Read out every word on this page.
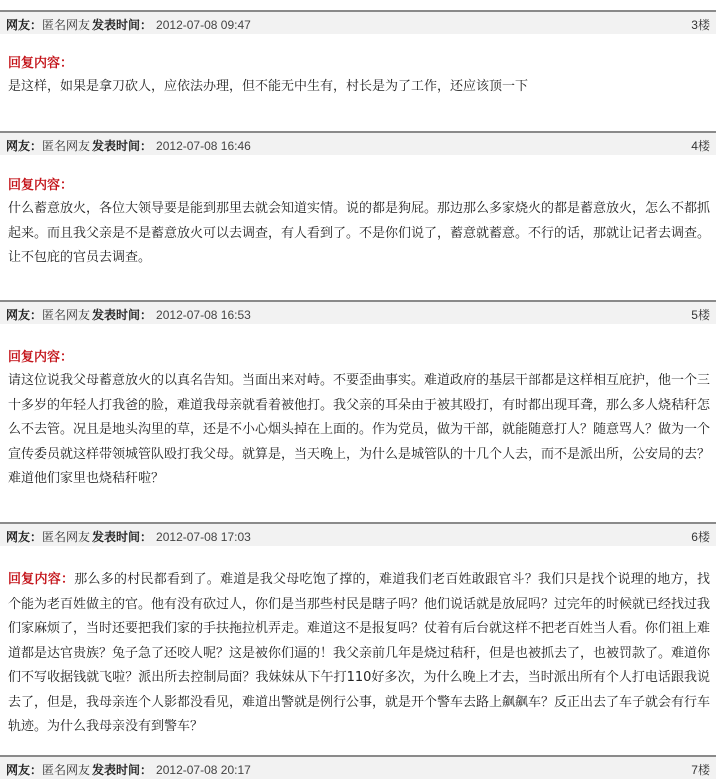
网友：匿名网友 发表时间： 2012-07-08 09:47	3楼
回复内容：
是这样，如果是拿刀砍人，应依法办理，但不能无中生有，村长是为了工作，还应该顶一下
网友：匿名网友 发表时间： 2012-07-08 16:46	4楼
回复内容：
什么蓄意放火，各位大领导要是能到那里去就会知道实情。说的都是狗屁。那边那么多家烧火的都是蓄意放火，怎么不都抓起来。而且我父亲是不是蓄意放火可以去调查，有人看到了。不是你们说了，蓄意就蓄意。不行的话，那就让记者去调查。让不包庇的官员去调查。
网友：匿名网友 发表时间： 2012-07-08 16:53	5楼
回复内容：
请这位说我父母蓄意放火的以真名告知。当面出来对峙。不要歪曲事实。难道政府的基层干部都是这样相互庇护，他一个三十多岁的年轻人打我爸的脸，难道我母亲就看着被他打。我父亲的耳朵由于被其殴打，有时都出现耳聋，那么多人烧秸秆怎么不去管。况且是地头沟里的草，还是不小心烟头掉在上面的。作为党员，做为干部，就能随意打人？随意骂人？做为一个宣传委员就这样带领城管队殴打我父母。就算是，当天晚上，为什么是城管队的十几个人去，而不是派出所，公安局的去？难道他们家里也烧秸秆啦？
网友：匿名网友 发表时间： 2012-07-08 17:03	6楼
回复内容：那么多的村民都看到了。难道是我父母吃饱了撑的，难道我们老百姓敢跟官斗？我们只是找个说理的地方，找个能为老百姓做主的官。他有没有砍过人，你们是当那些村民是瞎子吗？他们说话就是放屁吗？过完年的时候就已经找过我们家麻烦了，当时还要把我们家的手扶拖拉机弄走。难道这不是报复吗？仗着有后台就这样不把老百姓当人看。你们祖上难道都是达官贵族？兔子急了还咬人呢？这是被你们逼的！我父亲前几年是烧过秸秆，但是也被抓去了，也被罚款了。难道你们不写收据钱就飞啦？派出所去控制局面？我妹妹从下午打110好多次，为什么晚上才去，当时派出所有个人打电话跟我说去了，但是，我母亲连个人影都没看见，难道出警就是例行公事，就是开个警车去路上飙飙车？反正出去了车子就会有行车轨迹。为什么我母亲没有到警车？
网友：匿名网友 发表时间： 2012-07-08 20:17	7楼
